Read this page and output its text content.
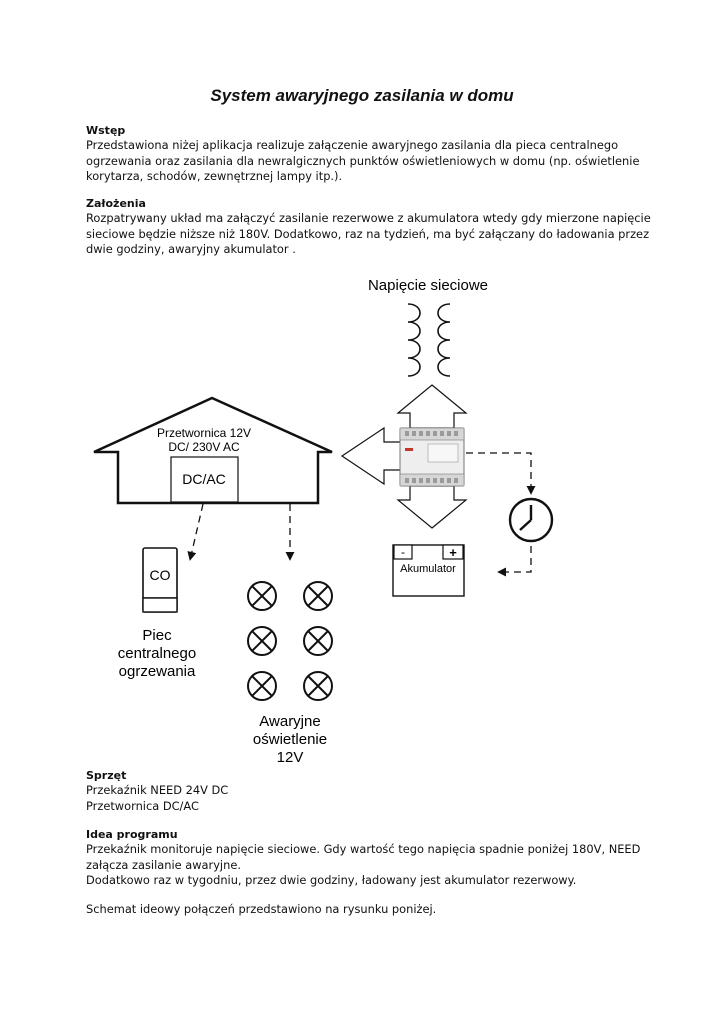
System awaryjnego zasilania w domu
Wstęp

Przedstawiona niżej aplikacja realizuje załączenie awaryjnego zasilania dla pieca centralnego
ogrzewania oraz zasilania dla newralgicznych punktów oświetleniowych w domu (np. oświetlenie
korytarza, schodów, zewnętrznej lampy itp.).

Założenia

Rozpatrywany układ ma załączyć zasilanie rezerwowe z akumulatora wtedy gdy mierzone napięcie
sieciowe będzie niższe niż 180V. Dodatkowo, raz na tydzień, ma być załączany do ładowania przez
dwie godziny, awaryjny akumulator .

Napięcie sieciowe
Przetwornica 12V
DC/ 230V AC
DC/AC
CO
Piec
centralnego
ogrzewania
Awaryjne
oświetlenie
12V
-	+
Akumulator
Sprzęt

Przekaźnik NEED 24V DC
Przetwornica DC/AC

Idea programu

Przekaźnik monitoruje napięcie sieciowe. Gdy wartość tego napięcia spadnie poniżej 180V, NEED
załącza zasilanie awaryjne.
Dodatkowo raz w tygodniu, przez dwie godziny, ładowany jest akumulator rezerwowy.

Schemat ideowy połączeń przedstawiono na rysunku poniżej.
